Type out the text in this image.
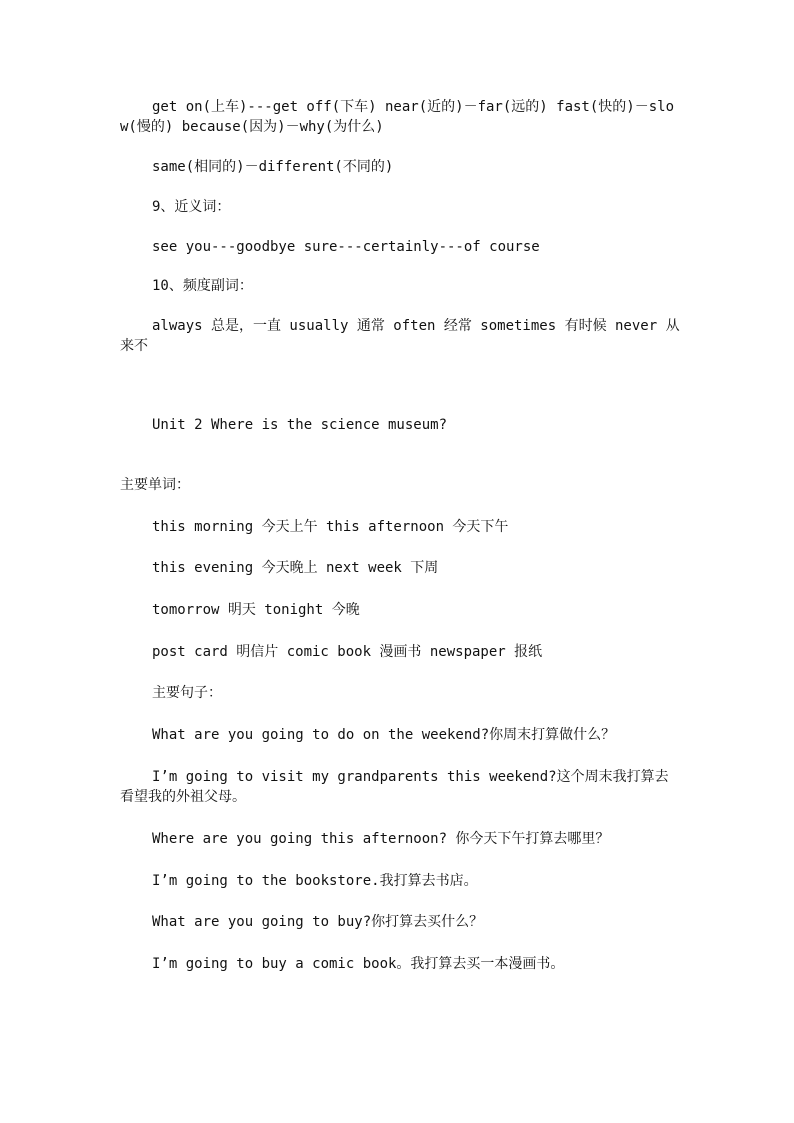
get on(上车)---get off(下车) near(近的)－far(远的) fast(快的)－slow(慢的) because(因为)－why(为什么)

same(相同的)－different(不同的)

9、近义词：

see you---goodbye sure---certainly---of course

10、频度副词：

always 总是，一直 usually 通常 often 经常 sometimes 有时候 never 从来不

Unit 2 Where is the science museum?

主要单词：

this morning 今天上午 this afternoon 今天下午

this evening 今天晚上 next week 下周

tomorrow 明天 tonight 今晚

post card 明信片 comic book 漫画书 newspaper 报纸

主要句子：

What are you going to do on the weekend?你周末打算做什么？

I’m going to visit my grandparents this weekend?这个周末我打算去看望我的外祖父母。

Where are you going this afternoon? 你今天下午打算去哪里？

I’m going to the bookstore.我打算去书店。

What are you going to buy?你打算去买什么？

I’m going to buy a comic book。我打算去买一本漫画书。
